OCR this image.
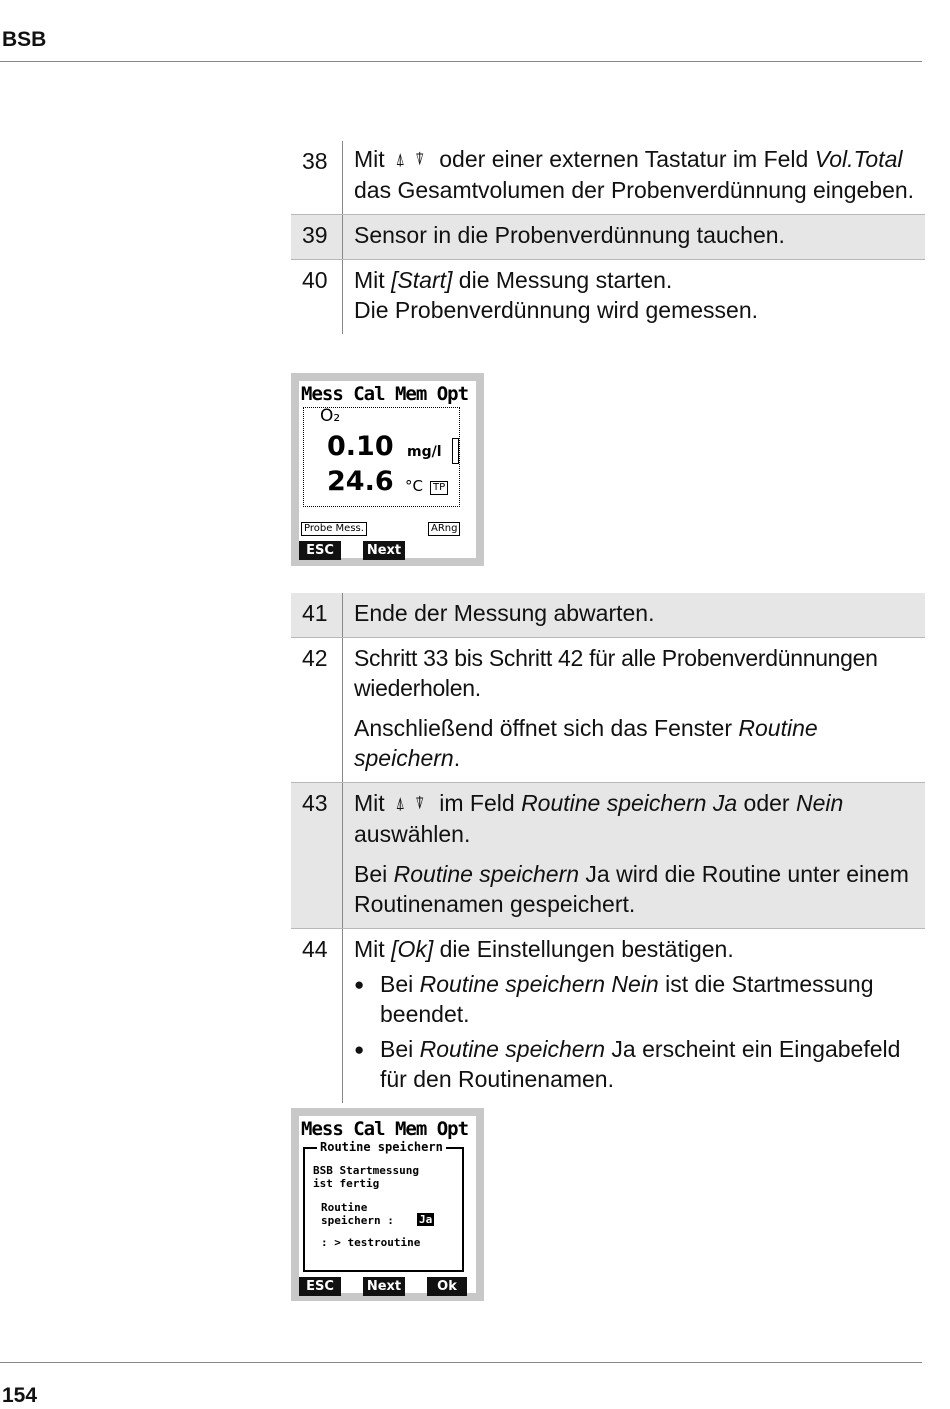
BSB
38	Mit ⍋ ⍒ oder einer externen Tastatur im Feld Vol.Total das Gesamtvolumen der Probenverdünnung eingeben.
39	Sensor in die Probenverdünnung tauchen.
40	Mit [Start] die Messung starten.
Die Probenverdünnung wird gemessen.
Mess Cal Mem Opt
O₂
0.10 mg/l
24.6 °C	TP
Probe Mess.	ARng
ESC	Next
41	Ende der Messung abwarten.
42	Schritt 33 bis Schritt 42 für alle Probenverdünnungen wiederholen.

Anschließend öffnet sich das Fenster Routine speichern.

43	Mit ⍋ ⍒ im Feld Routine speichern Ja oder Nein auswählen.

Bei Routine speichern Ja wird die Routine unter einem Routinenamen gespeichert.

44	Mit [Ok] die Einstellungen bestätigen.

● Bei Routine speichern Nein ist die Startmessung beendet.
● Bei Routine speichern Ja erscheint ein Eingabefeld für den Routinenamen.
Mess Cal Mem Opt
Routine speichern
BSB Startmessung
ist fertig
Routine
speichern : Ja
: > testroutine
ESC	Next	Ok
154
